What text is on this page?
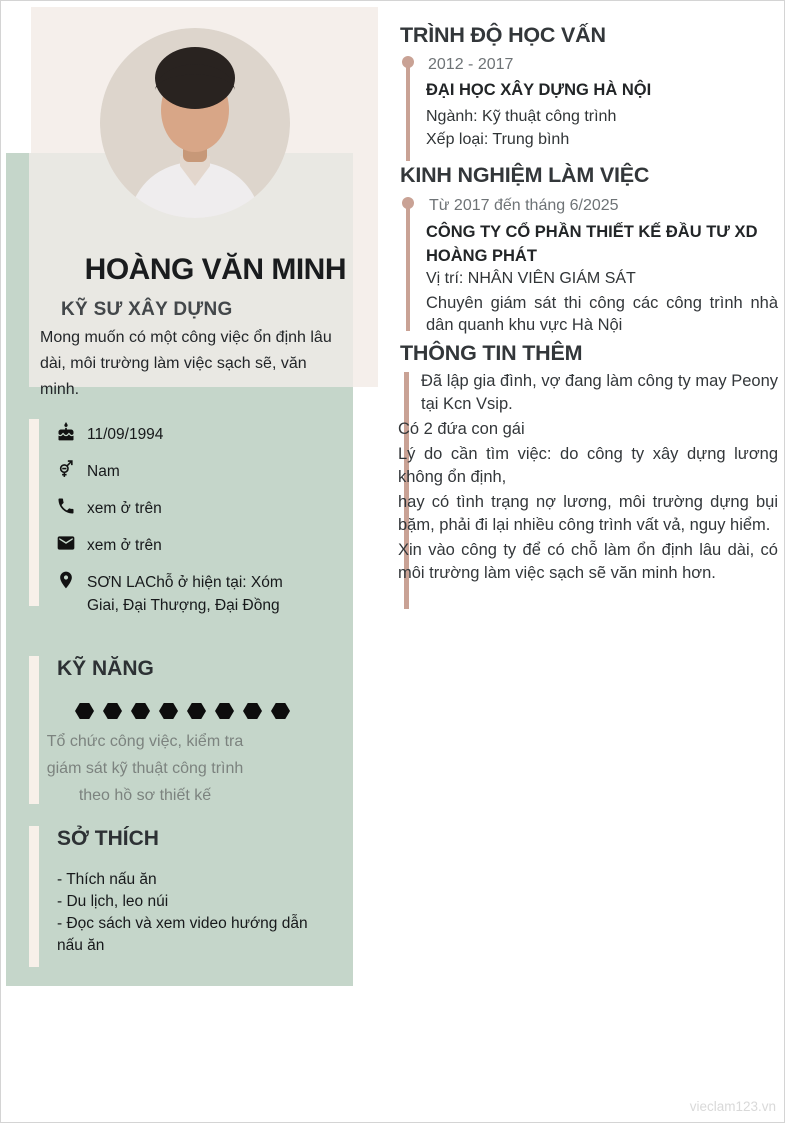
HOÀNG VĂN MINH
KỸ SƯ XÂY DỰNG
Mong muốn có một công việc ổn định lâu dài, môi trường làm việc sạch sẽ, văn minh.
11/09/1994
Nam
xem ở trên
xem ở trên
SƠN LAChỗ ở hiện tại: Xóm Giai, Đại Thượng, Đại Đồng
KỸ NĂNG
Tổ chức công việc, kiểm tra giám sát kỹ thuật công trình theo hồ sơ thiết kế
SỞ THÍCH
- Thích nấu ăn
- Du lịch, leo núi
- Đọc sách và xem video hướng dẫn nấu ăn
TRÌNH ĐỘ HỌC VẤN
2012 - 2017
ĐẠI HỌC XÂY DỰNG HÀ NỘI
Ngành: Kỹ thuật công trình
Xếp loại: Trung bình
KINH NGHIỆM LÀM VIỆC
Từ 2017 đến tháng 6/2025
CÔNG TY CỔ PHẦN THIẾT KẾ ĐẦU TƯ XD HOÀNG PHÁT
Vị trí: NHÂN VIÊN GIÁM SÁT
Chuyên giám sát thi công các công trình nhà dân quanh khu vực Hà Nội
THÔNG TIN THÊM

Đã lập gia đình, vợ đang làm công ty may Peony tại Kcn Vsip.

Có 2 đứa con gái

Lý do cần tìm việc: do công ty xây dựng lương không ổn định,

hay có tình trạng nợ lương, môi trường dựng bụi bặm, phải đi lại nhiều công trình vất vả, nguy hiểm.

Xin vào công ty để có chỗ làm ổn định lâu dài, có môi trường làm việc sạch sẽ văn minh hơn.

vieclam123.vn
